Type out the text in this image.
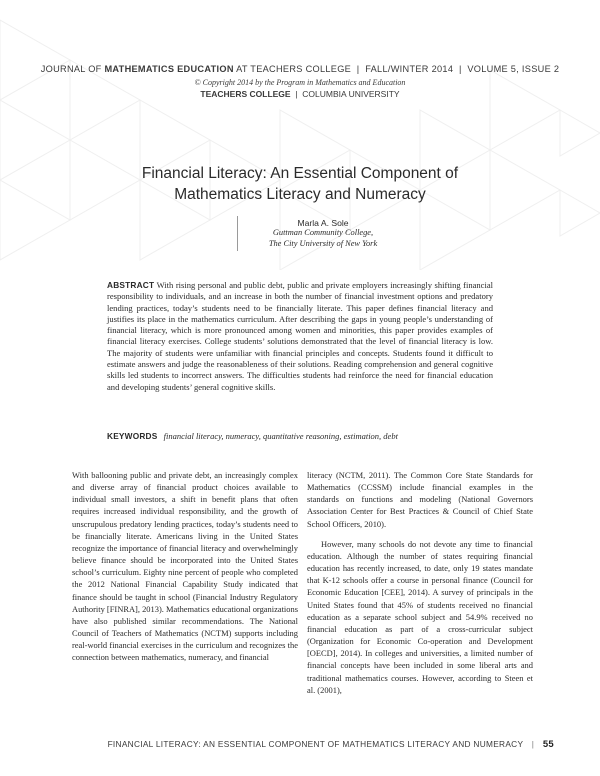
JOURNAL OF MATHEMATICS EDUCATION AT TEACHERS COLLEGE  |  FALL/WINTER 2014  |  VOLUME 5, ISSUE 2
© Copyright 2014 by the Program in Mathematics and Education
TEACHERS COLLEGE  |  COLUMBIA UNIVERSITY
Financial Literacy: An Essential Component of
Mathematics Literacy and Numeracy
Marla A. Sole
Guttman Community College,
The City University of New York
ABSTRACT With rising personal and public debt, public and private employers increasingly shifting financial responsibility to individuals, and an increase in both the number of financial investment options and predatory lending practices, today’s students need to be financially literate. This paper defines financial literacy and justifies its place in the mathematics curriculum. After describing the gaps in young people’s understanding of financial literacy, which is more pronounced among women and minorities, this paper provides examples of financial literacy exercises. College students’ solutions demonstrated that the level of financial literacy is low. The majority of students were unfamiliar with financial principles and concepts. Students found it difficult to estimate answers and judge the reasonableness of their solutions. Reading comprehension and general cognitive skills led students to incorrect answers. The difficulties students had reinforce the need for financial education and developing students’ general cognitive skills.
KEYWORDS financial literacy, numeracy, quantitative reasoning, estimation, debt

With ballooning public and private debt, an increasingly complex and diverse array of financial product choices available to individual small investors, a shift in benefit plans that often requires increased individual responsibility, and the growth of unscrupulous predatory lending practices, today’s students need to be financially literate. Americans living in the United States recognize the importance of financial literacy and overwhelmingly believe finance should be incorporated into the United States school’s curriculum. Eighty nine percent of people who completed the 2012 National Financial Capability Study indicated that finance should be taught in school (Financial Industry Regulatory Authority [FINRA], 2013). Mathematics educational organizations have also published similar recommendations. The National Council of Teachers of Mathematics (NCTM) supports including real-world financial exercises in the curriculum and recognizes the connection between mathematics, numeracy, and financial

literacy (NCTM, 2011). The Common Core State Standards for Mathematics (CCSSM) include financial examples in the standards on functions and modeling (National Governors Association Center for Best Practices & Council of Chief State School Officers, 2010).

However, many schools do not devote any time to financial education. Although the number of states requiring financial education has recently increased, to date, only 19 states mandate that K-12 schools offer a course in personal finance (Council for Economic Education [CEE], 2014). A survey of principals in the United States found that 45% of students received no financial education as a separate school subject and 54.9% received no financial education as part of a cross-curricular subject (Organization for Economic Co-operation and Development [OECD], 2014). In colleges and universities, a limited number of financial concepts have been included in some liberal arts and traditional mathematics courses. However, according to Steen et al. (2001),

FINANCIAL LITERACY: AN ESSENTIAL COMPONENT OF MATHEMATICS LITERACY AND NUMERACY | 55
